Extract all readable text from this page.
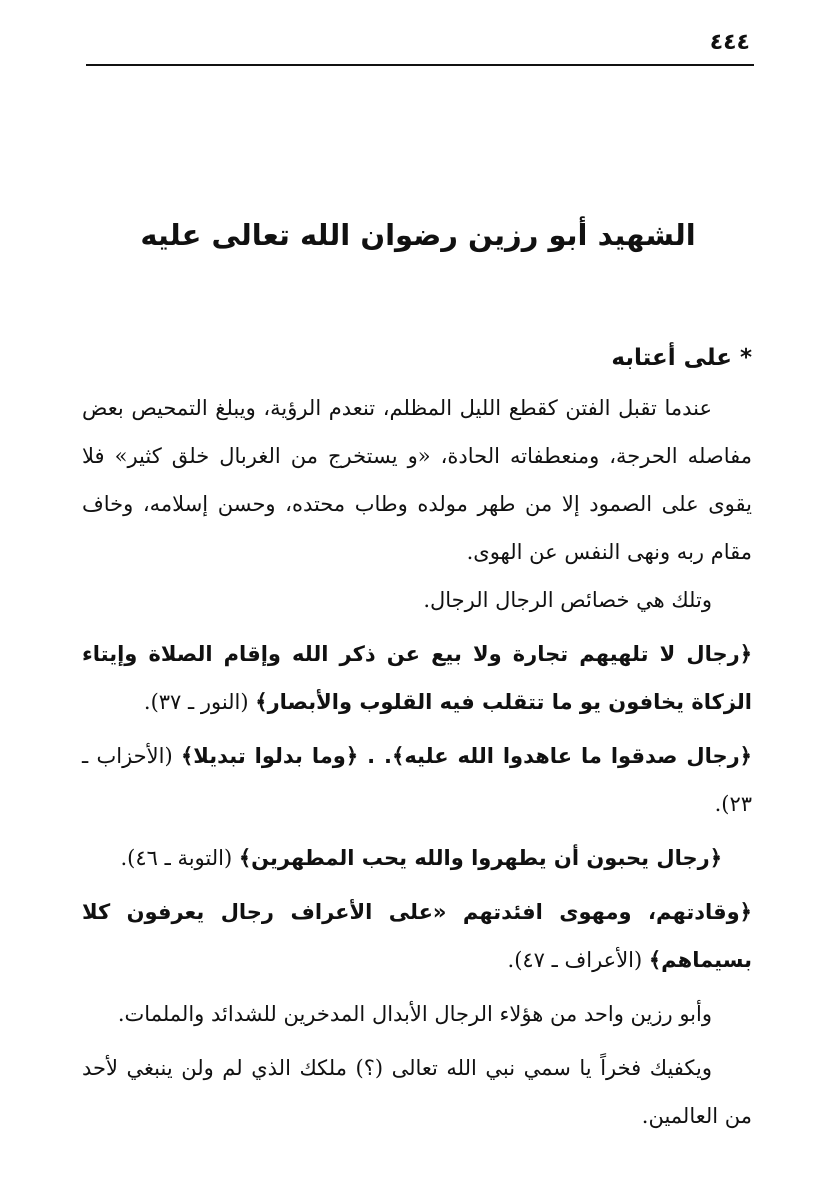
٤٤٤
الشهيد أبو رزين رضوان الله تعالى عليه
*على أعتابه

عندما تقبل الفتن كقطع الليل المظلم، تنعدم الرؤية، ويبلغ التمحيص بعض مفاصله الحرجة، ومنعطفاته الحادة، «و يستخرج من الغربال خلق كثير» فلا يقوى على الصمود إلا من طهر مولده وطاب محتده، وحسن إسلامه، وخاف مقام ربه ونهى النفس عن الهوى.

وتلك هي خصائص الرجال الرجال.

﴿رجال لا تلهيهم تجارة ولا بيع عن ذكر الله وإقام الصلاة وإيتاء الزكاة يخافون يو ما تتقلب فيه القلوب والأبصار﴾ (النور ـ ٣٧).

﴿رجال صدقوا ما عاهدوا الله عليه﴾. . ﴿وما بدلوا تبديلا﴾ (الأحزاب ـ ٢٣).

﴿رجال يحبون أن يطهروا والله يحب المطهرين﴾ (التوبة ـ ٤٦).

﴿وقادتهم، ومهوى افئدتهم «على الأعراف رجال يعرفون كلا بسيماهم﴾ (الأعراف ـ ٤٧).

وأبو رزين واحد من هؤلاء الرجال الأبدال المدخرين للشدائد والملمات.

ويكفيك فخراً يا سمي نبي الله تعالى (؟) ملكك الذي لم ولن ينبغي لأحد من العالمين.
